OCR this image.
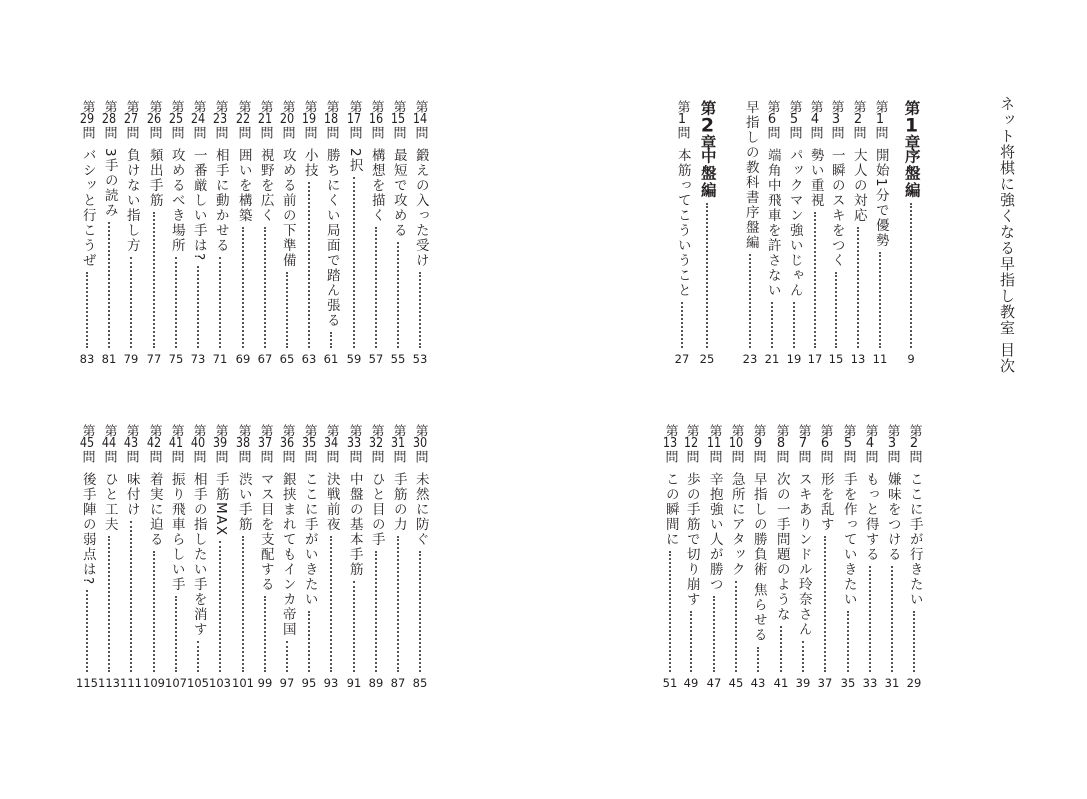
ネット将棋に強くなる早指し教室 目次
第1章
序盤編
9
第1問
開始1分で優勢
11
第2問
大人の対応
13
第3問
一瞬のスキをつく
15
第4問
勢い重視
17
第5問
パックマン強いじゃん
19
第6問
端角中飛車を許さない
21
早指しの教科書序盤編
23
第2章
中盤編
25
第1問
本筋ってこういうこと
27
第2問
ここに手が行きたい
29
第3問
嫌味をつける
31
第4問
もっと得する
33
第5問
手を作っていきたい
35
第6問
形を乱す
37
第7問
スキありンドル玲奈さん
39
第8問
次の一手問題のような
41
第9問
早指しの勝負術 焦らせる
43
第10問
急所にアタック
45
第11問
辛抱強い人が勝つ
47
第12問
歩の手筋で切り崩す
49
第13問
この瞬間に
51
第14問
鍛えの入った受け
53
第15問
最短で攻める
55
第16問
構想を描く
57
第17問
2択
59
第18問
勝ちにくい局面で踏ん張る
61
第19問
小技
63
第20問
攻める前の下準備
65
第21問
視野を広く
67
第22問
囲いを構築
69
第23問
相手に動かせる
71
第24問
一番厳しい手は?
73
第25問
攻めるべき場所
75
第26問
頻出手筋
77
第27問
負けない指し方
79
第28問
3手の読み
81
第29問
バシッと行こうぜ
83
第30問
未然に防ぐ
85
第31問
手筋の力
87
第32問
ひと目の手
89
第33問
中盤の基本手筋
91
第34問
決戦前夜
93
第35問
ここに手がいきたい
95
第36問
銀挟まれてもインカ帝国
97
第37問
マス目を支配する
99
第38問
渋い手筋
101
第39問
手筋MAX
103
第40問
相手の指したい手を消す
105
第41問
振り飛車らしい手
107
第42問
着実に迫る
109
第43問
味付け
111
第44問
ひと工夫
113
第45問
後手陣の弱点は?
115
